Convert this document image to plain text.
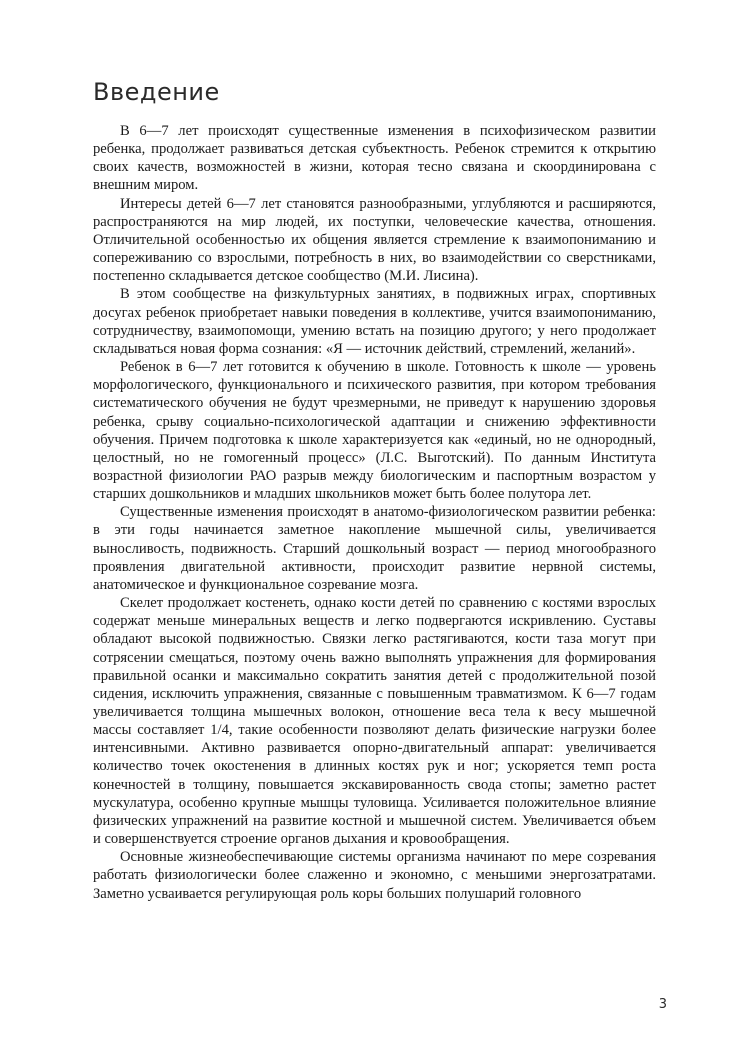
Введение

В 6—7 лет происходят существенные изменения в психофизическом развитии ребенка, продолжает развиваться детская субъектность. Ребенок стремится к открытию своих качеств, возможностей в жизни, которая тесно связана и скоординирована с внешним миром.

Интересы детей 6—7 лет становятся разнообразными, углубляются и расширяются, распространяются на мир людей, их поступки, человеческие качества, отношения. Отличительной особенностью их общения является стремление к взаимопониманию и сопереживанию со взрослыми, потребность в них, во взаимодействии со сверстниками, постепенно складывается детское сообщество (М.И. Лисина).

В этом сообществе на физкультурных занятиях, в подвижных играх, спортивных досугах ребенок приобретает навыки поведения в коллективе, учится взаимопониманию, сотрудничеству, взаимопомощи, умению встать на позицию другого; у него продолжает складываться новая форма сознания: «Я — источник действий, стремлений, желаний».

Ребенок в 6—7 лет готовится к обучению в школе. Готовность к школе — уровень морфологического, функционального и психического развития, при котором требования систематического обучения не будут чрезмерными, не приведут к нарушению здоровья ребенка, срыву социально-психологической адаптации и снижению эффективности обучения. Причем подготовка к школе характеризуется как «единый, но не однородный, целостный, но не гомогенный процесс» (Л.С. Выготский). По данным Института возрастной физиологии РАО разрыв между биологическим и паспортным возрастом у старших дошкольников и младших школьников может быть более полутора лет.

Существенные изменения происходят в анатомо-физиологическом развитии ребенка: в эти годы начинается заметное накопление мышечной силы, увеличивается выносливость, подвижность. Старший дошкольный возраст — период многообразного проявления двигательной активности, происходит развитие нервной системы, анатомическое и функциональное созревание мозга.

Скелет продолжает костенеть, однако кости детей по сравнению с костями взрослых содержат меньше минеральных веществ и легко подвергаются искривлению. Суставы обладают высокой подвижностью. Связки легко растягиваются, кости таза могут при сотрясении смещаться, поэтому очень важно выполнять упражнения для формирования правильной осанки и максимально сократить занятия детей с продолжительной позой сидения, исключить упражнения, связанные с повышенным травматизмом. К 6—7 годам увеличивается толщина мышечных волокон, отношение веса тела к весу мышечной массы составляет 1/4, такие особенности позволяют делать физические нагрузки более интенсивными. Активно развивается опорно-двигательный аппарат: увеличивается количество точек окостенения в длинных костях рук и ног; ускоряется темп роста конечностей в толщину, повышается экскавированность свода стопы; заметно растет мускулатура, особенно крупные мышцы туловища. Усиливается положительное влияние физических упражнений на развитие костной и мышечной систем. Увеличивается объем и совершенствуется строение органов дыхания и кровообращения.

Основные жизнеобеспечивающие системы организма начинают по мере созревания работать физиологически более слаженно и экономно, с меньшими энергозатратами. Заметно усваивается регулирующая роль коры больших полушарий головного

3
